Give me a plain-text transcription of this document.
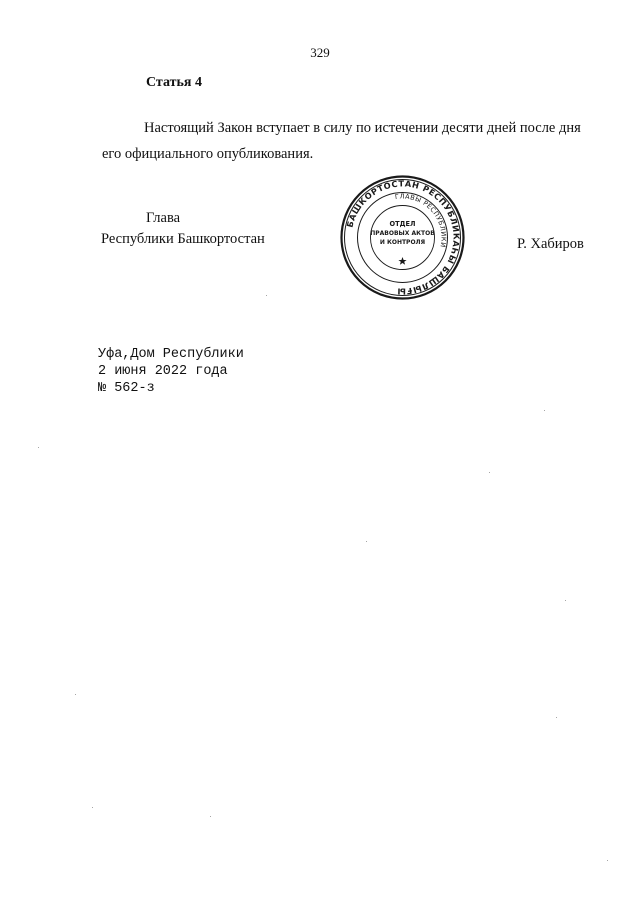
329
Статья 4
Настоящий Закон вступает в силу по истечении десяти дней после дня
его официального опубликования.
Глава
Республики Башкортостан	Р. Хабиров
БАШКОРТОСТАН РЕСПУБЛИКАҺЫ БАШЛЫҒЫ
ГЛАВЫ РЕСПУБЛИКИ
ОТДЕЛ
ПРАВОВЫХ АКТОВ
И КОНТРОЛЯ
Уфа,Дом Республики
2 июня 2022 года
№ 562-з
